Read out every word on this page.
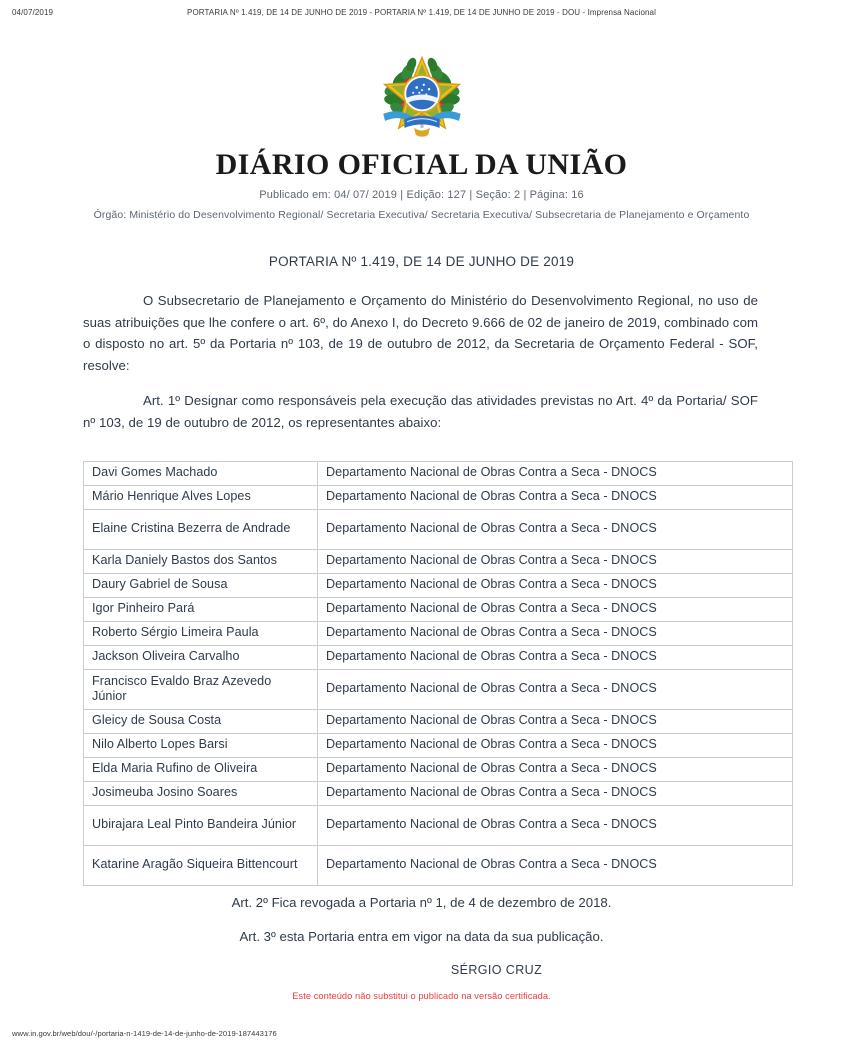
04/07/2019	PORTARIA Nº 1.419, DE 14 DE JUNHO DE 2019 - PORTARIA Nº 1.419, DE 14 DE JUNHO DE 2019 - DOU - Imprensa Nacional
DIÁRIO OFICIAL DA UNIÃO
Publicado em: 04/ 07/ 2019 | Edição: 127 | Seção: 2 | Página: 16
Órgão: Ministério do Desenvolvimento Regional/ Secretaria Executiva/ Secretaria Executiva/ Subsecretaria de Planejamento e Orçamento
PORTARIA Nº 1.419, DE 14 DE JUNHO DE 2019

O Subsecretario de Planejamento e Orçamento do Ministério do Desenvolvimento Regional, no uso de suas atribuições que lhe confere o art. 6º, do Anexo I, do Decreto 9.666 de 02 de janeiro de 2019, combinado com o disposto no art. 5º da Portaria nº 103, de 19 de outubro de 2012, da Secretaria de Orçamento Federal - SOF, resolve:

Art. 1º Designar como responsáveis pela execução das atividades previstas no Art. 4º da Portaria/ SOF nº 103, de 19 de outubro de 2012, os representantes abaixo:

Davi Gomes Machado	Departamento Nacional de Obras Contra a Seca - DNOCS
Mário Henrique Alves Lopes	Departamento Nacional de Obras Contra a Seca - DNOCS
Elaine Cristina Bezerra de Andrade	Departamento Nacional de Obras Contra a Seca - DNOCS
Karla Daniely Bastos dos Santos	Departamento Nacional de Obras Contra a Seca - DNOCS
Daury Gabriel de Sousa	Departamento Nacional de Obras Contra a Seca - DNOCS
Igor Pinheiro Pará	Departamento Nacional de Obras Contra a Seca - DNOCS
Roberto Sérgio Limeira Paula	Departamento Nacional de Obras Contra a Seca - DNOCS
Jackson Oliveira Carvalho	Departamento Nacional de Obras Contra a Seca - DNOCS
Francisco Evaldo Braz Azevedo Júnior	Departamento Nacional de Obras Contra a Seca - DNOCS
Gleicy de Sousa Costa	Departamento Nacional de Obras Contra a Seca - DNOCS
Nilo Alberto Lopes Barsi	Departamento Nacional de Obras Contra a Seca - DNOCS
Elda Maria Rufino de Oliveira	Departamento Nacional de Obras Contra a Seca - DNOCS
Josimeuba Josino Soares	Departamento Nacional de Obras Contra a Seca - DNOCS
Ubirajara Leal Pinto Bandeira Júnior	Departamento Nacional de Obras Contra a Seca - DNOCS
Katarine Aragão Siqueira Bittencourt	Departamento Nacional de Obras Contra a Seca - DNOCS

Art. 2º Fica revogada a Portaria nº 1, de 4 de dezembro de 2018.

Art. 3º esta Portaria entra em vigor na data da sua publicação.

SÉRGIO CRUZ
Este conteúdo não substitui o publicado na versão certificada.
www.in.gov.br/web/dou/-/portaria-n-1419-de-14-de-junho-de-2019-187443176
